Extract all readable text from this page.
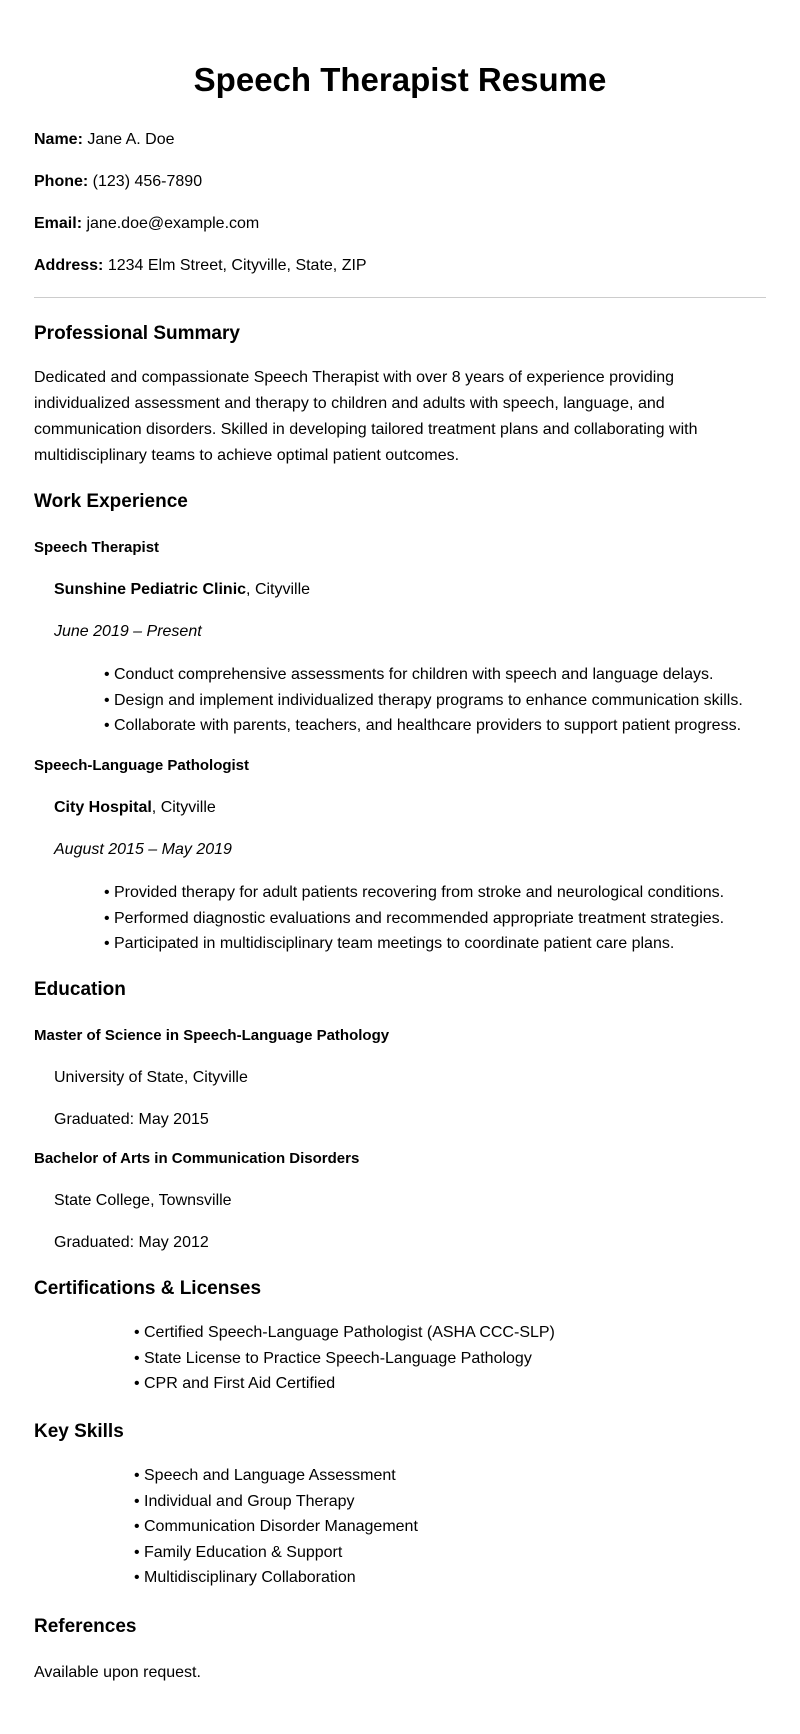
Speech Therapist Resume

Name: Jane A. Doe

Phone: (123) 456-7890

Email: jane.doe@example.com

Address: 1234 Elm Street, Cityville, State, ZIP

Professional Summary

Dedicated and compassionate Speech Therapist with over 8 years of experience providing individualized assessment and therapy to children and adults with speech, language, and communication disorders. Skilled in developing tailored treatment plans and collaborating with multidisciplinary teams to achieve optimal patient outcomes.

Work Experience

Speech Therapist

Sunshine Pediatric Clinic, Cityville

June 2019 – Present

• Conduct comprehensive assessments for children with speech and language delays.
• Design and implement individualized therapy programs to enhance communication skills.
• Collaborate with parents, teachers, and healthcare providers to support patient progress.

Speech-Language Pathologist

City Hospital, Cityville

August 2015 – May 2019

• Provided therapy for adult patients recovering from stroke and neurological conditions.
• Performed diagnostic evaluations and recommended appropriate treatment strategies.
• Participated in multidisciplinary team meetings to coordinate patient care plans.
Education

Master of Science in Speech-Language Pathology

University of State, Cityville

Graduated: May 2015

Bachelor of Arts in Communication Disorders

State College, Townsville

Graduated: May 2012

Certifications & Licenses
• Certified Speech-Language Pathologist (ASHA CCC-SLP)
• State License to Practice Speech-Language Pathology
• CPR and First Aid Certified
Key Skills
• Speech and Language Assessment
• Individual and Group Therapy
• Communication Disorder Management
• Family Education & Support
• Multidisciplinary Collaboration
References

Available upon request.
